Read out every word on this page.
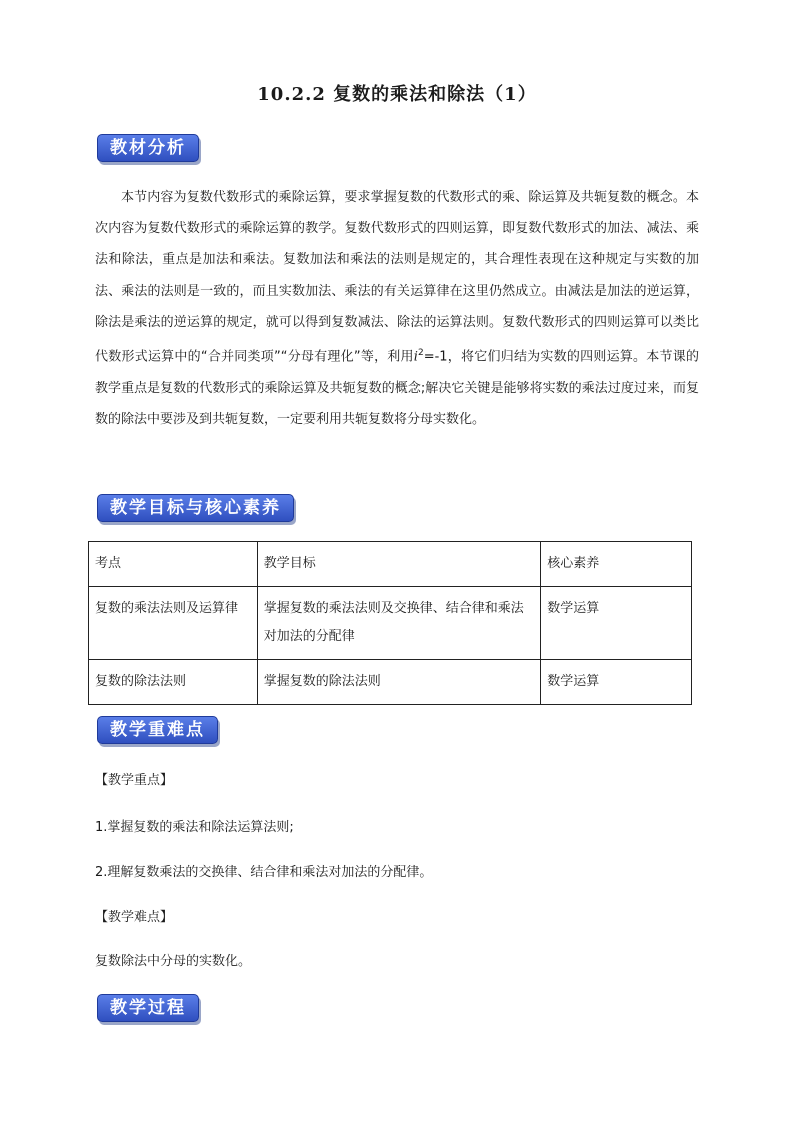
10.2.2 复数的乘法和除法（1）
教材分析

本节内容为复数代数形式的乘除运算，要求掌握复数的代数形式的乘、除运算及共轭复数的概念。本次内容为复数代数形式的乘除运算的教学。复数代数形式的四则运算，即复数代数形式的加法、减法、乘法和除法，重点是加法和乘法。复数加法和乘法的法则是规定的，其合理性表现在这种规定与实数的加法、乘法的法则是一致的，而且实数加法、乘法的有关运算律在这里仍然成立。由减法是加法的逆运算，除法是乘法的逆运算的规定，就可以得到复数减法、除法的运算法则。复数代数形式的四则运算可以类比代数形式运算中的“合并同类项”“分母有理化”等，利用$i^2=-1$，将它们归结为实数的四则运算。本节课的教学重点是复数的代数形式的乘除运算及共轭复数的概念;解决它关键是能够将实数的乘法过度过来，而复数的除法中要涉及到共轭复数，一定要利用共轭复数将分母实数化。

教学目标与核心素养
考点	教学目标	核心素养
复数的乘法法则及运算律	掌握复数的乘法法则及交换律、结合律和乘法对加法的分配律	数学运算
复数的除法法则	掌握复数的除法法则	数学运算
教学重难点

【教学重点】

1.掌握复数的乘法和除法运算法则;

2.理解复数乘法的交换律、结合律和乘法对加法的分配律。

【教学难点】

复数除法中分母的实数化。

教学过程
